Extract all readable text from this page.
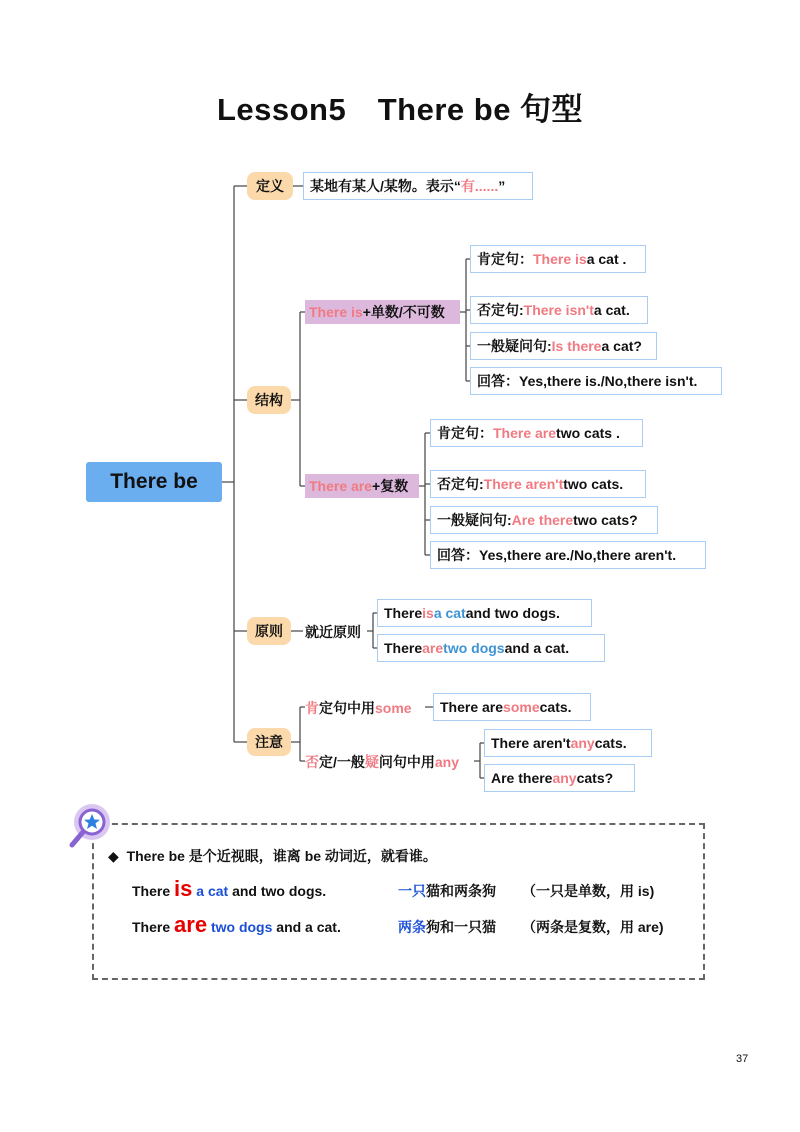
Lesson5　There be 句型
There be
定义	某地有某人/某物。表示“ 有...... ”
结构
There is +单数/不可数
肯定句： There is a cat .
否定句: There isn't a cat.
一般疑问句: Is there a cat?
回答： Yes,there is./No,there isn't.
There are +复数
肯定句： There are two cats .
否定句: There aren't two cats.
一般疑问句: Are there two cats?
回答： Yes,there are./No,there aren't.
原则	就近原则
There is a cat and two dogs.
There are two dogs and a cat.
注意
肯定句中用some There are some cats.
否定/一般疑问句中用any
There aren't any cats.
Are there any cats?
◆ There be 是个近视眼，谁离 be 动词近，就看谁。
There is a cat and two dogs.	一只猫和两条狗 （一只是单数，用 is)
There are two dogs and a cat.	两条狗和一只猫 （两条是复数，用 are)
37
